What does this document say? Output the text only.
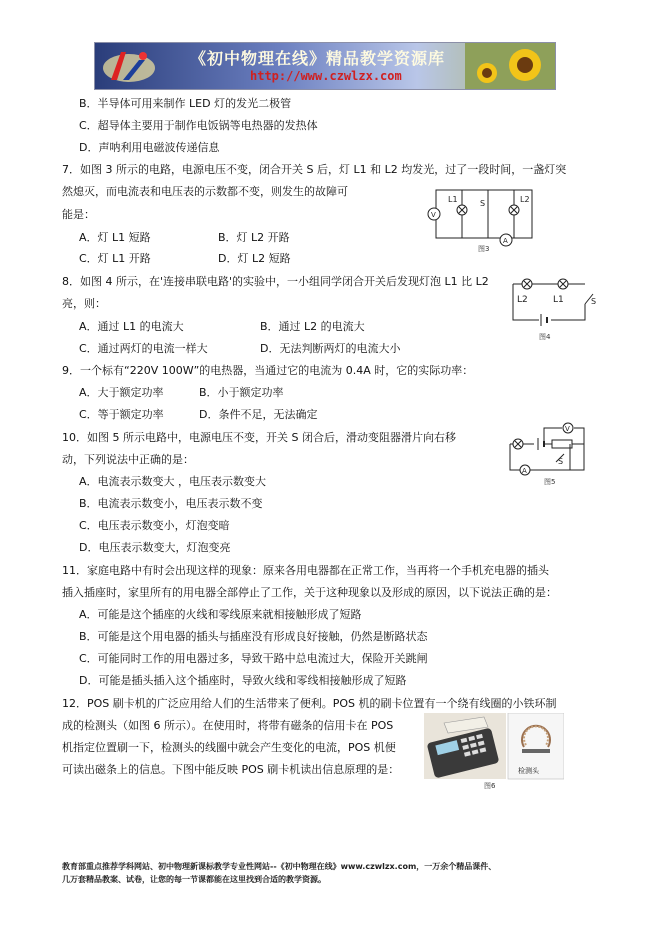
《初中物理在线》精品教学资源库
http://www.czwlzx.com
B．半导体可用来制作 LED 灯的发光二极管
C．超导体主要用于制作电饭锅等电热器的发热体
D．声呐利用电磁波传递信息
7．如图 3 所示的电路，电源电压不变，闭合开关 S 后，灯 L1 和 L2 均发光，过了一段时间，一盏灯突
然熄灭，而电流表和电压表的示数都不变，则发生的故障可
能是：
A．灯 L1 短路	B．灯 L2 开路
C．灯 L1 开路	D．灯 L2 短路
L1	L2
S
V
A
图3
8．如图 4 所示，在'连接串联电路'的实验中，一小组同学闭合开关后发现灯泡 L1 比 L2
亮，则：
A．通过 L1 的电流大	B．通过 L2 的电流大
C．通过两灯的电流一样大	D．无法判断两灯的电流大小
L2	L1	S
图4
9．一个标有“220V 100W”的电热器，当通过它的电流为 0.4A 时，它的实际功率：
A．大于额定功率	B．小于额定功率
C．等于额定功率	D．条件不足，无法确定
10．如图 5 所示电路中，电源电压不变，开关 S 闭合后，滑动变阻器滑片向右移
动，下列说法中正确的是：
A．电流表示数变大 ，电压表示数变大
B．电流表示数变小，电压表示数不变
C．电压表示数变小，灯泡变暗
D．电压表示数变大，灯泡变亮
V
A
S
图5
11．家庭电路中有时会出现这样的现象：原来各用电器都在正常工作，当再将一个手机充电器的插头
插入插座时，家里所有的用电器全部停止了工作，关于这种现象以及形成的原因，以下说法正确的是：
A．可能是这个插座的火线和零线原来就相接触形成了短路
B．可能是这个用电器的插头与插座没有形成良好接触，仍然是断路状态
C．可能同时工作的用电器过多，导致干路中总电流过大，保险开关跳闸
D．可能是插头插入这个插座时，导致火线和零线相接触形成了短路
12．POS 刷卡机的广泛应用给人们的生活带来了便利。POS 机的刷卡位置有一个绕有线圈的小铁环制
成的检测头（如图 6 所示）。在使用时，将带有磁条的信用卡在 POS
机指定位置刷一下，检测头的线圈中就会产生变化的电流，POS 机便
可读出磁条上的信息。下图中能反映 POS 刷卡机读出信息原理的是：	检测头
图6
教育部重点推荐学科网站、初中物理新课标教学专业性网站--《初中物理在线》www.czwlzx.com，一万余个精品课件、
几万套精品教案、试卷，让您的每一节课都能在这里找到合适的教学资源。
